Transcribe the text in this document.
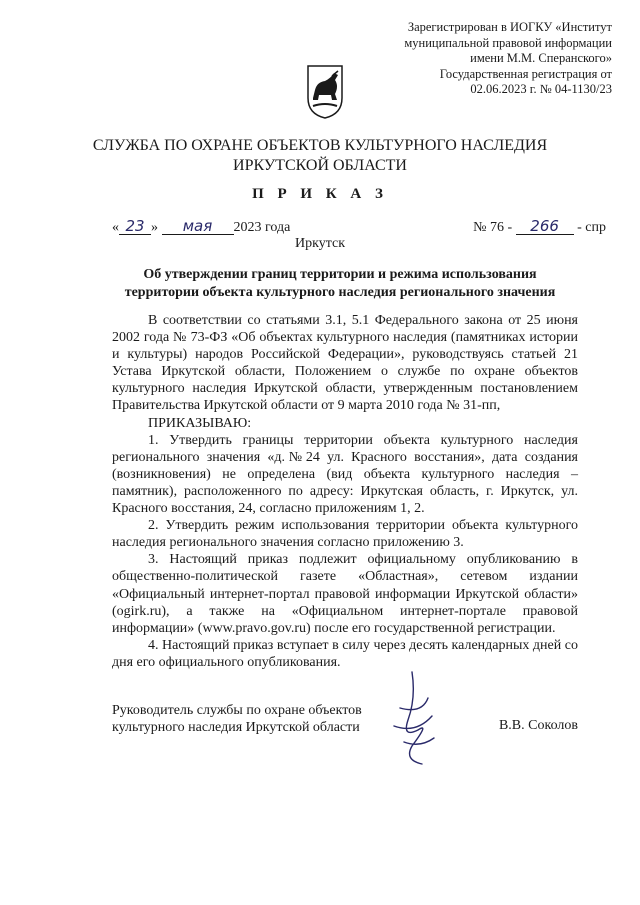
Зарегистрирован в ИОГКУ «Институт
муниципальной правовой информации
имени М.М. Сперанского»
Государственная регистрация от
02.06.2023 г. № 04-1130/23
СЛУЖБА ПО ОХРАНЕ ОБЪЕКТОВ КУЛЬТУРНОГО НАСЛЕДИЯ
ИРКУТСКОЙ ОБЛАСТИ
П Р И К А З
« 23 » мая 2023 года	№ 76 - 266 - спр
Иркутск
Об утверждении границ территории и режима использования
территории объекта культурного наследия регионального значения

В соответствии со статьями 3.1, 5.1 Федерального закона от 25 июня 2002 года № 73-ФЗ «Об объектах культурного наследия (памятниках истории и культуры) народов Российской Федерации», руководствуясь статьей 21 Устава Иркутской области, Положением о службе по охране объектов культурного наследия Иркутской области, утвержденным постановлением Правительства Иркутской области от 9 марта 2010 года № 31-пп,

ПРИКАЗЫВАЮ:

1. Утвердить границы территории объекта культурного наследия регионального значения «д.№24 ул. Красного восстания», дата создания (возникновения) не определена (вид объекта культурного наследия – памятник), расположенного по адресу: Иркутская область, г. Иркутск, ул. Красного восстания, 24, согласно приложениям 1, 2.

2. Утвердить режим использования территории объекта культурного наследия регионального значения согласно приложению 3.

3. Настоящий приказ подлежит официальному опубликованию в общественно-политической газете «Областная», сетевом издании «Официальный интернет-портал правовой информации Иркутской области» (ogirk.ru), а также на «Официальном интернет-портале правовой информации» (www.pravo.gov.ru) после его государственной регистрации.

4. Настоящий приказ вступает в силу через десять календарных дней со дня его официального опубликования.

Руководитель службы по охране объектов
культурного наследия Иркутской области	В.В. Соколов
